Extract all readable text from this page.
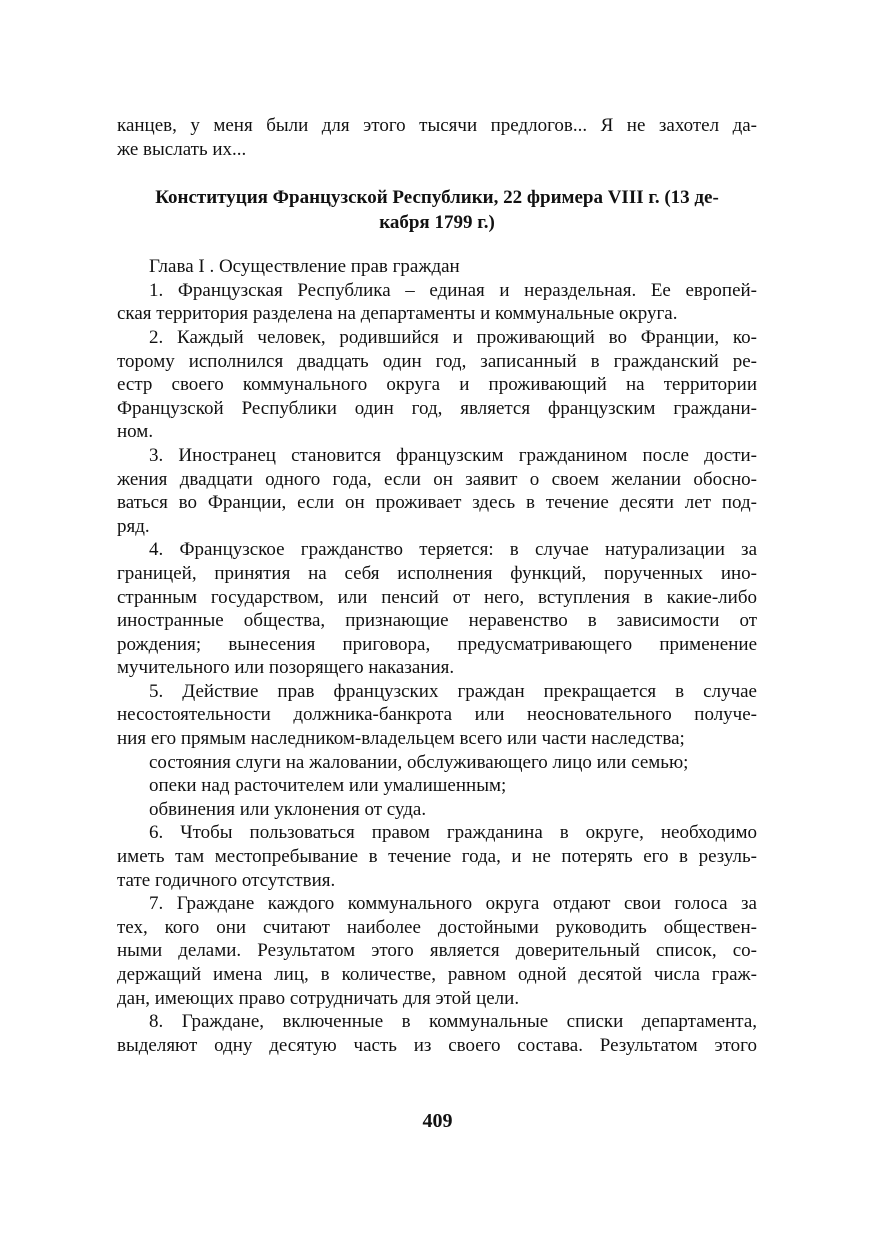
канцев, у меня были для этого тысячи предлогов... Я не захотел да-
же выслать их...
Конституция Французской Республики, 22 фримера VIII г. (13 де-
кабря 1799 г.)
Глава I . Осуществление прав граждан
1. Французская Республика – единая и нераздельная. Ее европей-
ская территория разделена на департаменты и коммунальные округа.
2. Каждый человек, родившийся и проживающий во Франции, ко-
торому исполнился двадцать один год, записанный в гражданский ре-
естр своего коммунального округа и проживающий на территории
Французской Республики один год, является французским граждани-
ном.
3. Иностранец становится французским гражданином после дости-
жения двадцати одного года, если он заявит о своем желании обосно-
ваться во Франции, если он проживает здесь в течение десяти лет под-
ряд.
4. Французское гражданство теряется: в случае натурализации за
границей, принятия на себя исполнения функций, порученных ино-
странным государством, или пенсий от него, вступления в какие-либо
иностранные общества, признающие неравенство в зависимости от
рождения; вынесения приговора, предусматривающего применение
мучительного или позорящего наказания.
5. Действие прав французских граждан прекращается в случае
несостоятельности должника-банкрота или неосновательного получе-
ния его прямым наследником-владельцем всего или части наследства;
состояния слуги на жаловании, обслуживающего лицо или семью;
опеки над расточителем или умалишенным;
обвинения или уклонения от суда.
6. Чтобы пользоваться правом гражданина в округе, необходимо
иметь там местопребывание в течение года, и не потерять его в резуль-
тате годичного отсутствия.
7. Граждане каждого коммунального округа отдают свои голоса за
тех, кого они считают наиболее достойными руководить обществен-
ными делами. Результатом этого является доверительный список, со-
держащий имена лиц, в количестве, равном одной десятой числа граж-
дан, имеющих право сотрудничать для этой цели.
8. Граждане, включенные в коммунальные списки департамента,
выделяют одну десятую часть из своего состава. Результатом этого
409
